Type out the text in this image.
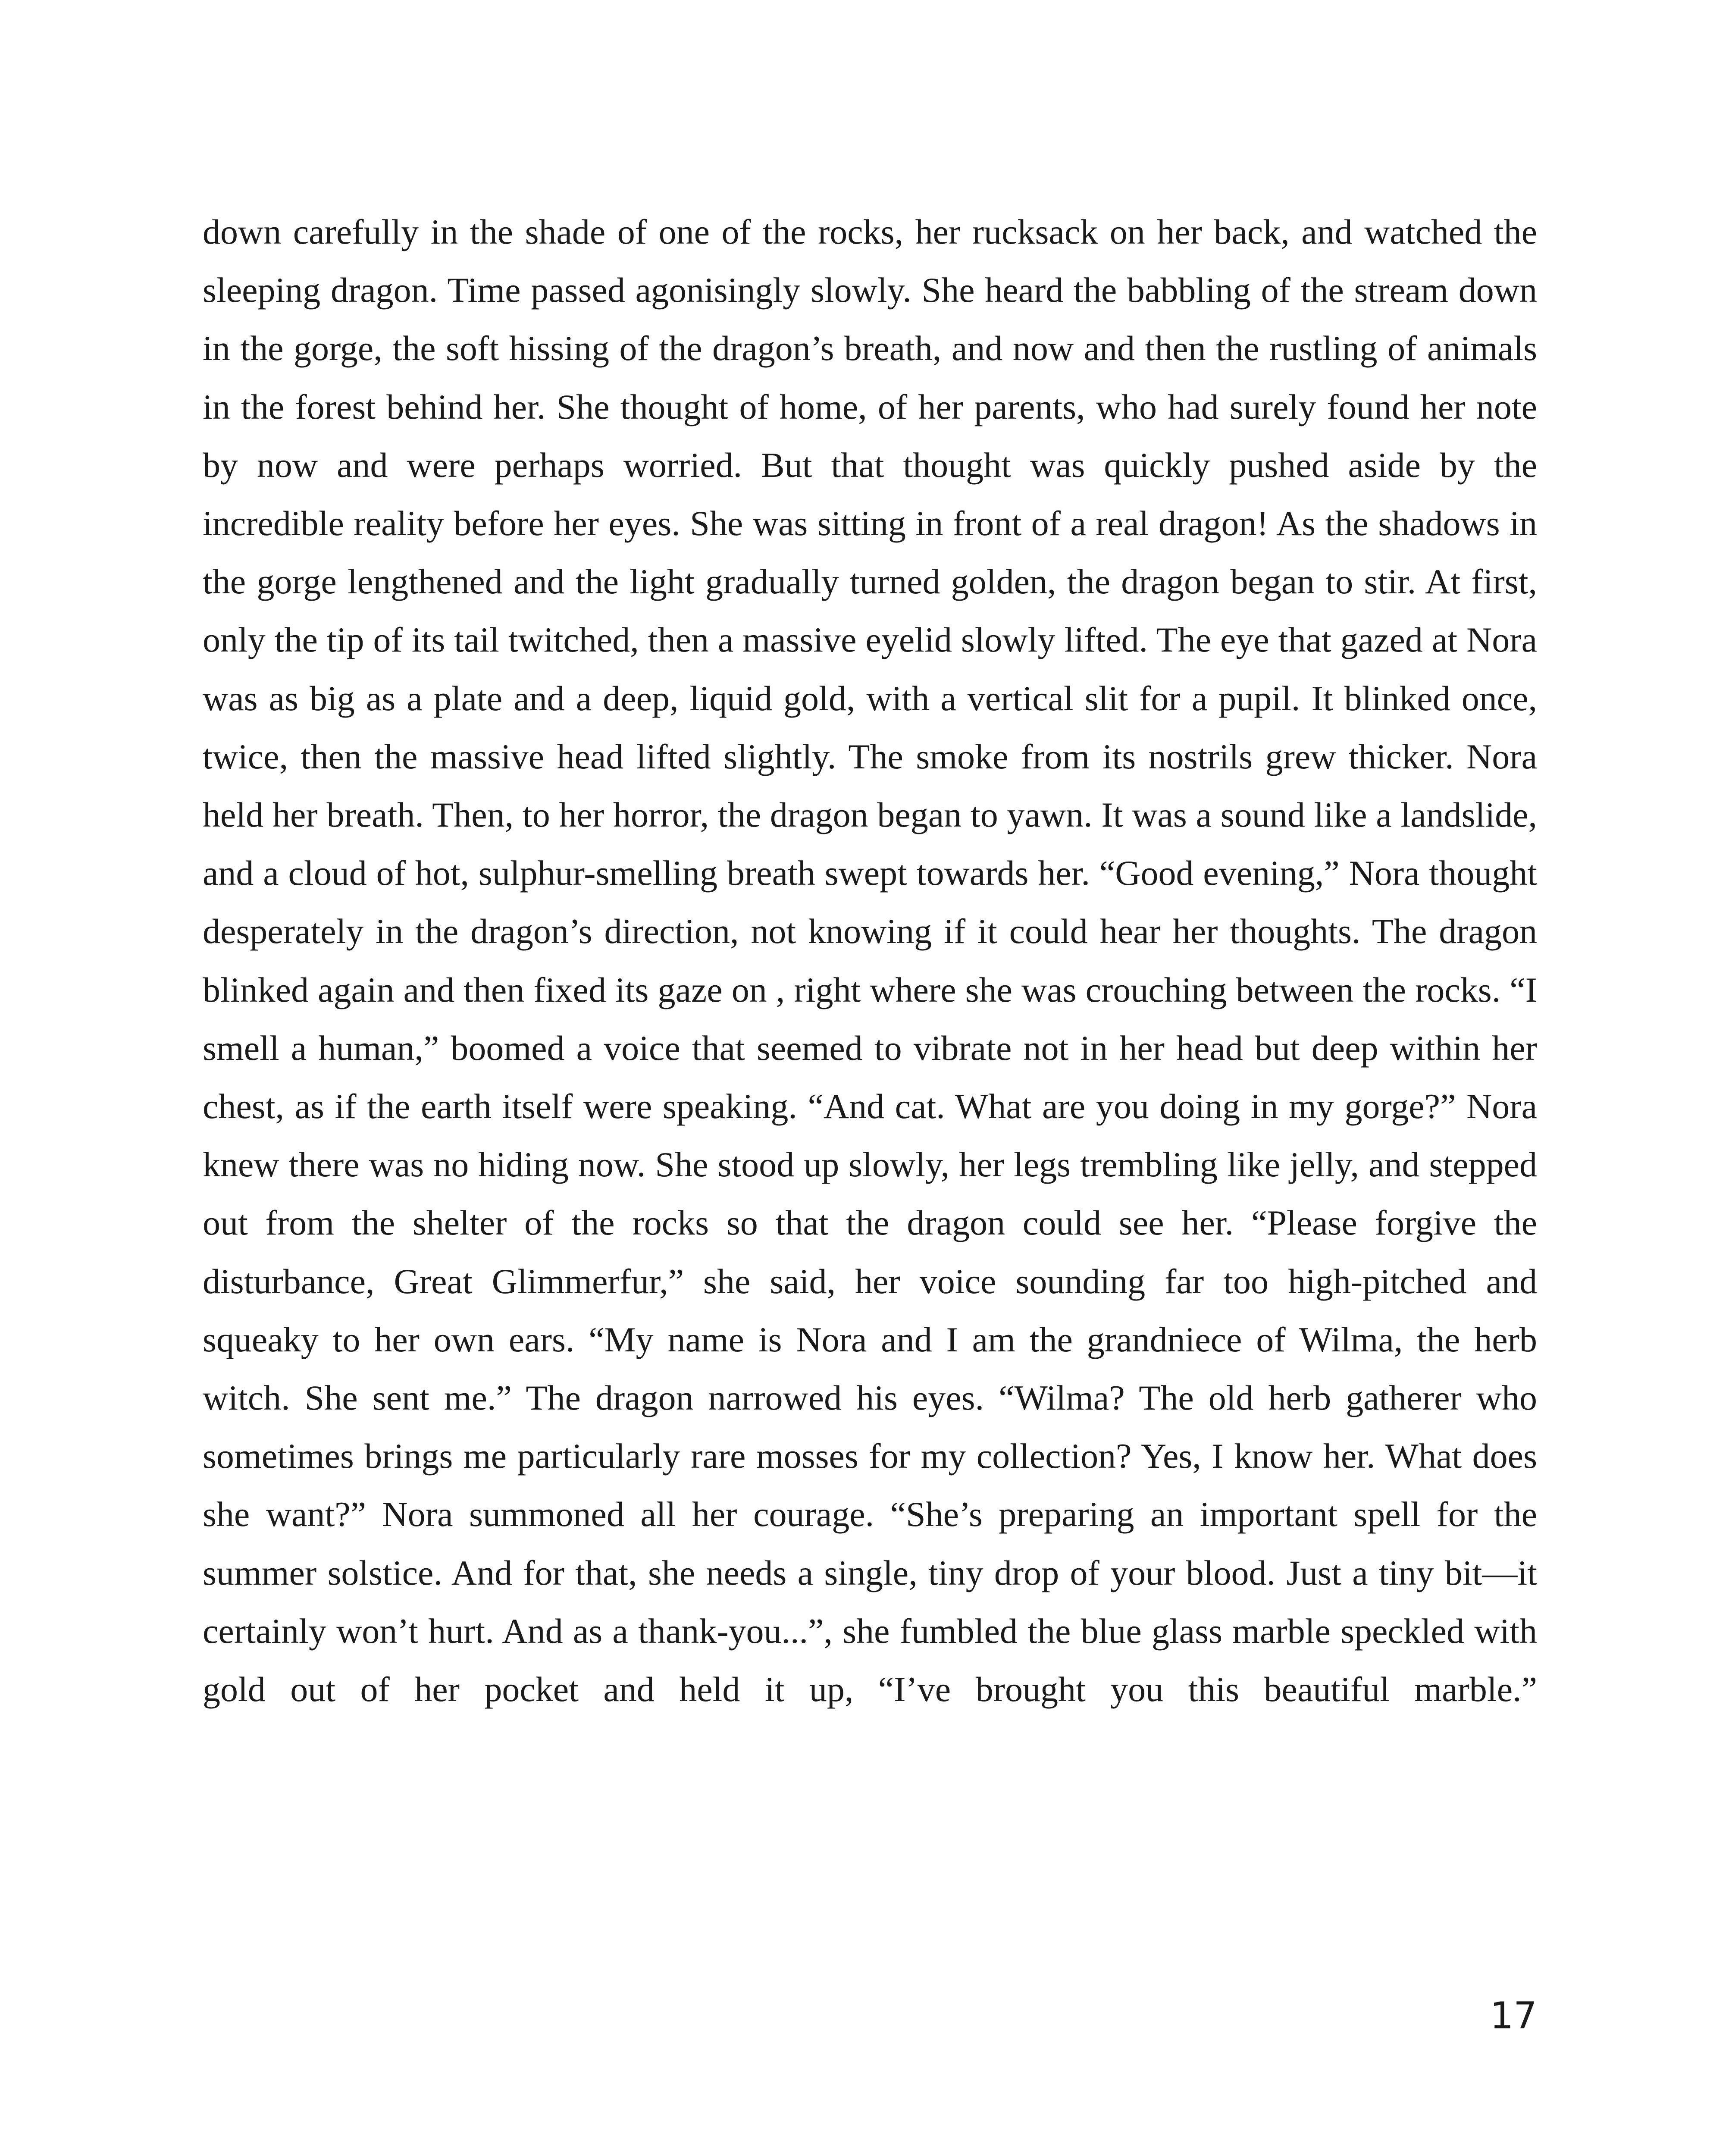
down carefully in the shade of one of the rocks, her rucksack on her back, and watched the sleeping dragon. Time passed agonisingly slowly. She heard the babbling of the stream down in the gorge, the soft hissing of the dragon’s breath, and now and then the rustling of animals in the forest behind her. She thought of home, of her parents, who had surely found her note by now and were perhaps worried. But that thought was quickly pushed aside by the incredible reality before her eyes. She was sitting in front of a real dragon! As the shadows in the gorge lengthened and the light gradually turned golden, the dragon began to stir. At first, only the tip of its tail twitched, then a massive eyelid slowly lifted. The eye that gazed at Nora was as big as a plate and a deep, liquid gold, with a vertical slit for a pupil. It blinked once, twice, then the massive head lifted slightly. The smoke from its nostrils grew thicker. Nora held her breath. Then, to her horror, the dragon began to yawn. It was a sound like a landslide, and a cloud of hot, sulphur-smelling breath swept towards her. “Good evening,” Nora thought desperately in the dragon’s direction, not knowing if it could hear her thoughts. The dragon blinked again and then fixed its gaze on , right where she was crouching between the rocks. “I smell a human,” boomed a voice that seemed to vibrate not in her head but deep within her chest, as if the earth itself were speaking. “And cat. What are you doing in my gorge?” Nora knew there was no hiding now. She stood up slowly, her legs trembling like jelly, and stepped out from the shelter of the rocks so that the dragon could see her. “Please forgive the disturbance, Great Glimmerfur,” she said, her voice sounding far too high-pitched and squeaky to her own ears. “My name is Nora and I am the grandniece of Wilma, the herb witch. She sent me.” The dragon narrowed his eyes. “Wilma? The old herb gatherer who sometimes brings me particularly rare mosses for my collection? Yes, I know her. What does she want?” Nora summoned all her courage. “She’s preparing an important spell for the summer solstice. And for that, she needs a single, tiny drop of your blood. Just a tiny bit—it certainly won’t hurt. And as a thank-you...”, she fumbled the blue glass marble speckled with gold out of her pocket and held it up, “I’ve brought you this beautiful marble.”

17
